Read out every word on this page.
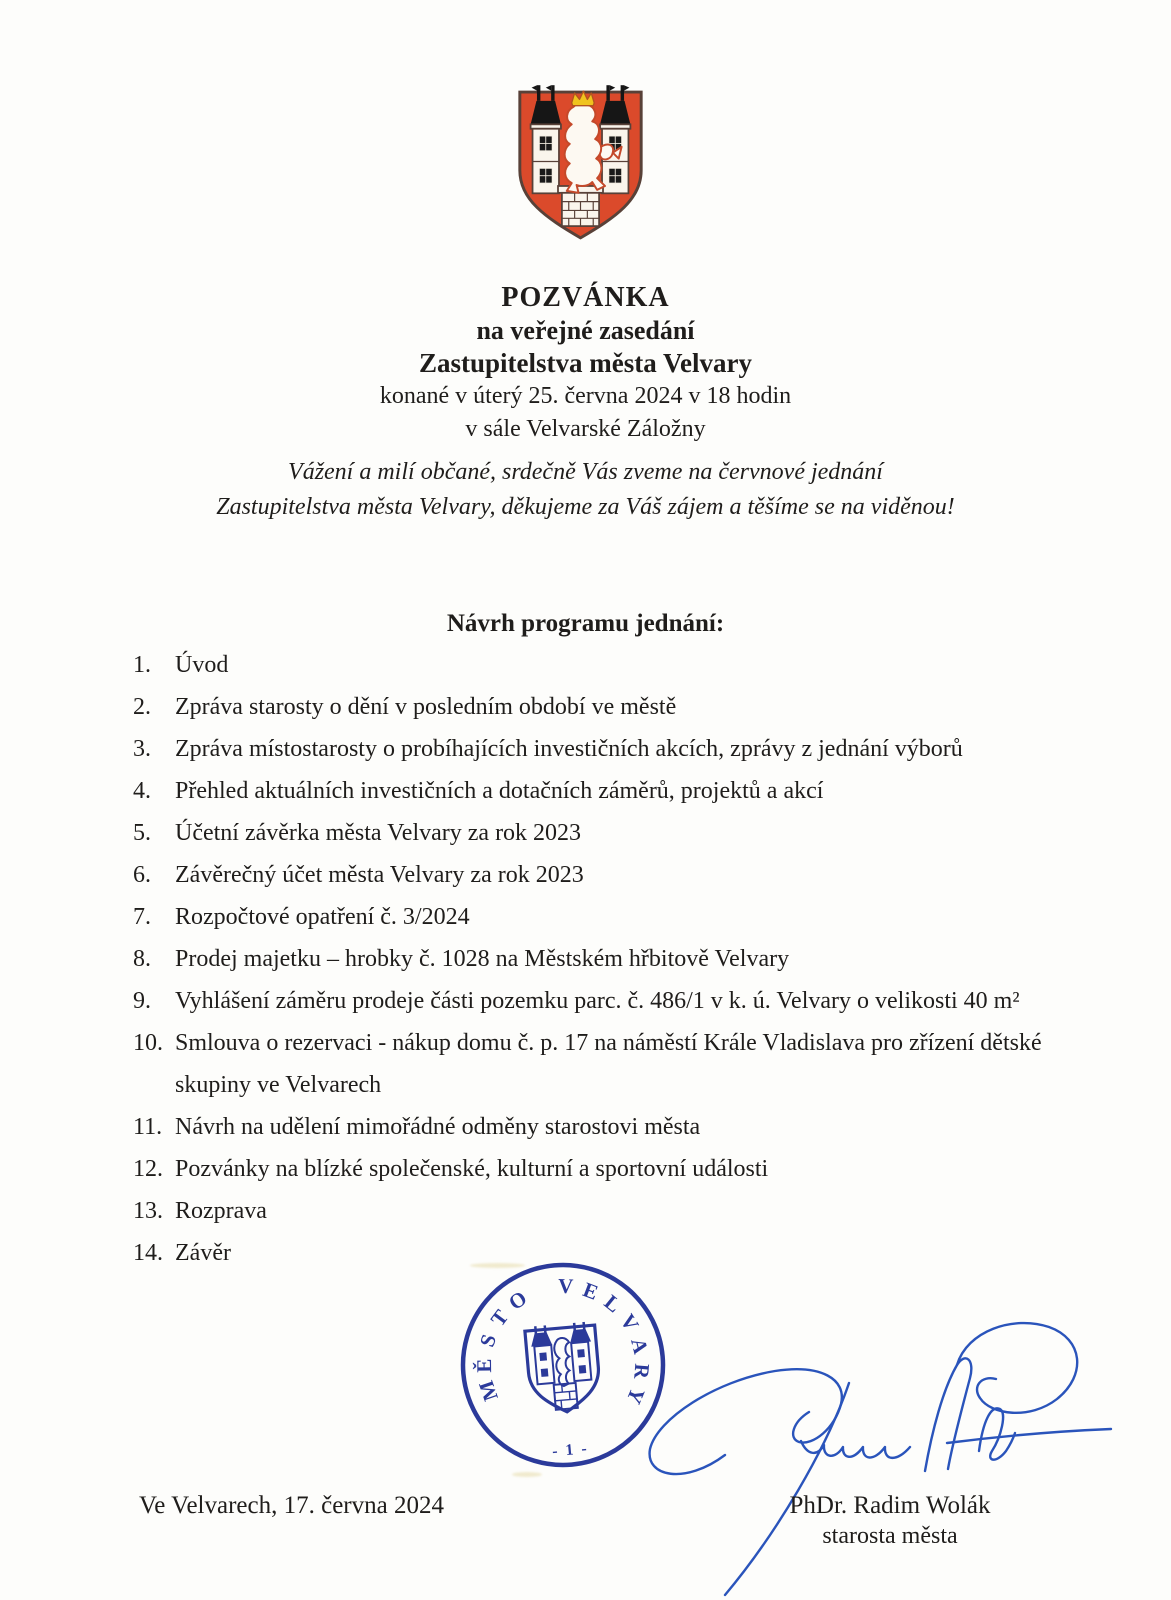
POZVÁNKA
na veřejné zasedání
Zastupitelstva města Velvary
konané v úterý 25. června 2024 v 18 hodin
v sále Velvarské Záložny
Vážení a milí občané, srdečně Vás zveme na červnové jednání
Zastupitelstva města Velvary, děkujeme za Váš zájem a těšíme se na viděnou!
Návrh programu jednání:
1. Úvod
2. Zpráva starosty o dění v posledním období ve městě
3. Zpráva místostarosty o probíhajících investičních akcích, zprávy z jednání výborů
4. Přehled aktuálních investičních a dotačních záměrů, projektů a akcí
5. Účetní závěrka města Velvary za rok 2023
6. Závěrečný účet města Velvary za rok 2023
7. Rozpočtové opatření č. 3/2024
8. Prodej majetku – hrobky č. 1028 na Městském hřbitově Velvary
9. Vyhlášení záměru prodeje části pozemku parc. č. 486/1 v k. ú. Velvary o velikosti 40 m²
10. Smlouva o rezervaci - nákup domu č. p. 17 na náměstí Krále Vladislava pro zřízení dětské
skupiny ve Velvarech
11. Návrh na udělení mimořádné odměny starostovi města
12. Pozvánky na blízké společenské, kulturní a sportovní události
13. Rozprava
14. Závěr
M
Ě
S
T
O V E
L
V
A
R
Y
- 1 -
Ve Velvarech, 17. června 2024	PhDr. Radim Wolák
starosta města
